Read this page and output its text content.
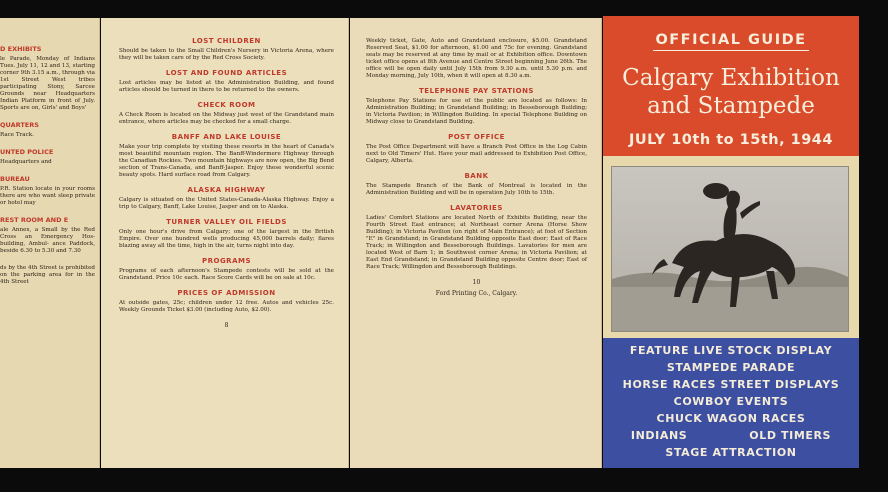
D EXHIBITS
le Parade, Monday of Indians Tues. July 11, 12 and 13, starting corner 9th 3.15 a.m., through via 1st Street West tribes participating Stony, Sarcee Grounds near Headquarters Indian Platform in front of July. Sports are on, Girls' and Boys'
QUARTERS
Race Track.
UNTED POLICE
Headquarters and
BUREAU
P.R. Station locate in your rooms there are who want sleep private or hotel may
REST ROOM AND E
ale Annex, a Small by the Red Cross an Emergency Hos- building, Ambul- ance Paddock, beside 6.30 to 5.30 and 7.30
ds by the 4th Street is prohibited on the parking area for in the 4th Street
LOST CHILDREN
Should be taken to the Small Children's Nursery in Victoria Arena, where they will be taken care of by the Red Cross Society.
LOST AND FOUND ARTICLES
Lost articles may be listed at the Administration Building, and found articles should be turned in there to be returned to the owners.
CHECK ROOM
A Check Room is located on the Midway just west of the Grandstand main entrance, where articles may be checked for a small charge.
BANFF AND LAKE LOUISE
Make your trip complete by visiting these resorts in the heart of Canada's most beautiful mountain region. The Banff-Windermere Highway through the Canadian Rockies. Two mountain highways are now open, the Big Bend section of Trans-Canada, and Banff-Jasper. Enjoy these wonderful scenic beauty spots. Hard surface road from Calgary.
ALASKA HIGHWAY
Calgary is situated on the United States-Canada-Alaska Highway. Enjoy a trip to Calgary, Banff, Lake Louise, Jasper and on to Alaska.
TURNER VALLEY OIL FIELDS
Only one hour's drive from Calgary; one of the largest in the British Empire. Over one hundred wells producing 45,000 barrels daily; flares blazing away all the time, high in the air, turns night into day.
PROGRAMS
Programs of each afternoon's Stampede contests will be sold at the Grandstand. Price 10c each. Race Score Cards will be on sale at 10c.
PRICES OF ADMISSION
At outside gates, 25c; children under 12 free. Autos and vehicles 25c. Weekly Grounds Ticket $3.00 (including Auto, $2.00).
8
Weekly ticket, Gate, Auto and Grandstand enclosure, $5.00. Grandstand Reserved Seat, $1.00 for afternoon, $1.00 and 75c for evening. Grandstand seats may be reserved at any time by mail or at Exhibition office. Downtown ticket office opens at 8th Avenue and Centre Street beginning June 26th. The office will be open daily until July 15th from 9.30 a.m. until 5.30 p.m. and Monday morning, July 10th, when it will open at 8.30 a.m.
TELEPHONE PAY STATIONS
Telephone Pay Stations for use of the public are located as follows: In Administration Building; in Grandstand Building; in Besseborough Building; in Victoria Pavilion; in Willingdon Building. In special Telephone Building on Midway close to Grandstand Building.
POST OFFICE
The Post Office Department will have a Branch Post Office in the Log Cabin next to Old Timers' Hut. Have your mail addressed to Exhibition Post Office, Calgary, Alberta.
BANK
The Stampede Branch of the Bank of Montreal is located in the Administration Building and will be in operation July 10th to 15th.
LAVATORIES
Ladies' Comfort Stations are located North of Exhibits Building, near the Fourth Street East entrance; at Northeast corner Arena (Horse Show Building); in Victoria Pavilion (on right of Main Entrance); at foot of Section "E" in Grandstand; in Grandstand Building opposite East door; East of Race Track; in Willingdon and Besseborough Buildings. Lavatories for men are located West of Barn 1; in Southwest corner Arena; in Victoria Pavilion; at East End Grandstand; in Grandstand Building opposite Centre door; East of Race Track; Willingdon and Besseborough Buildings.
10
Ford Printing Co., Calgary.
OFFICIAL GUIDE
Calgary Exhibition
and Stampede
JULY 10th to 15th, 1944
FEATURE LIVE STOCK DISPLAY
STAMPEDE PARADE
HORSE RACES STREET DISPLAYS
COWBOY EVENTS
CHUCK WAGON RACES
INDIANS              OLD TIMERS
STAGE ATTRACTION
